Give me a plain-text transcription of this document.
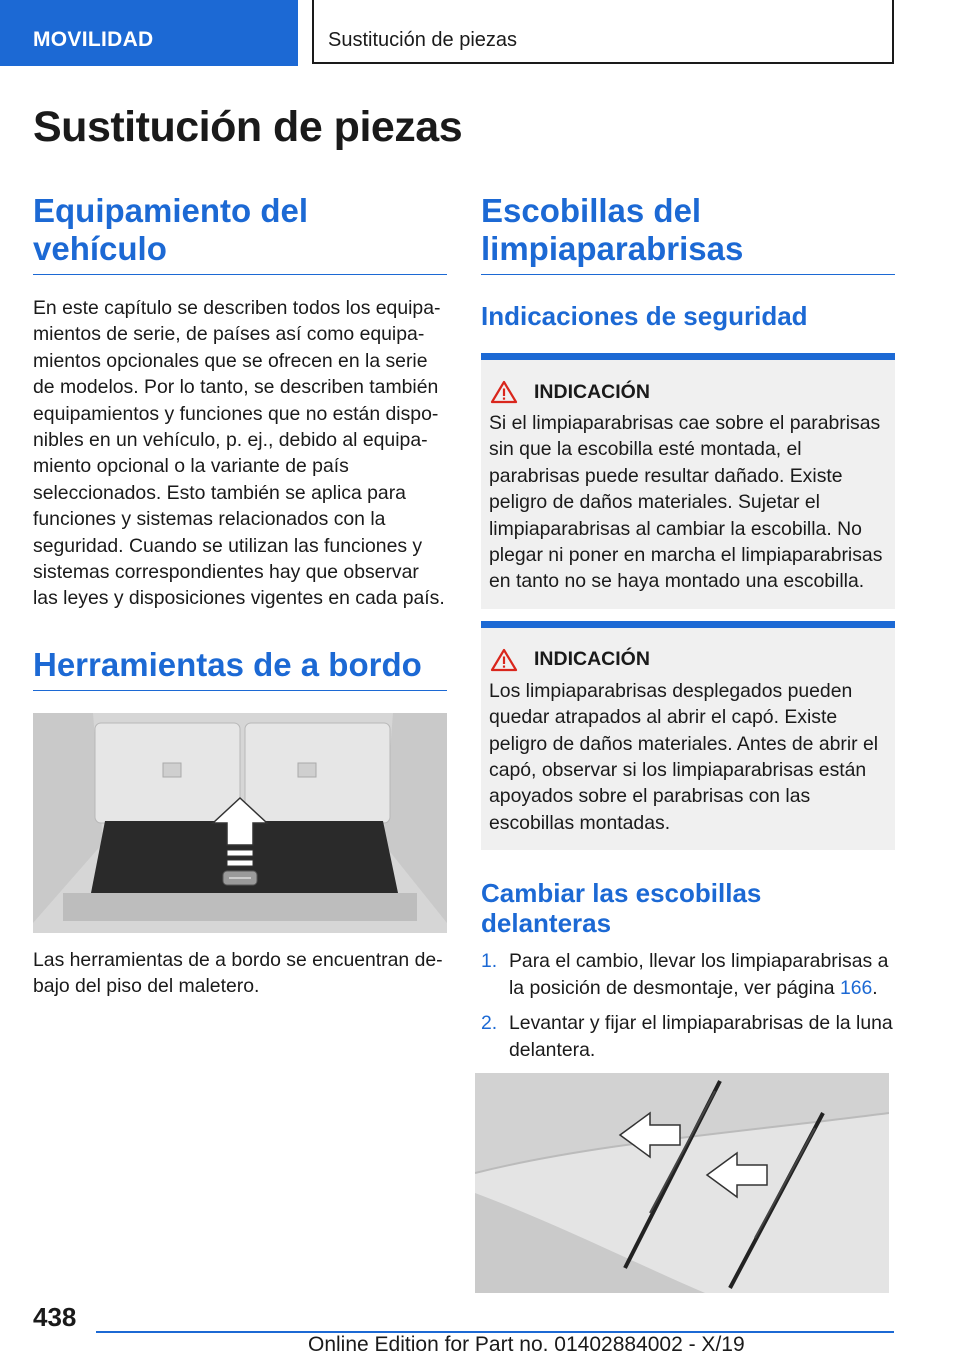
MOVILIDAD	Sustitución de piezas
Sustitución de piezas
Equipamiento del vehículo

En este capítulo se describen todos los equipamientos de serie, de países así como equipamientos opcionales que se ofrecen en la serie de modelos. Por lo tanto, se describen también equipamientos y funciones que no están disponibles en un vehículo, p. ej., debido al equipamiento opcional o la variante de país seleccionados. Esto también se aplica para funciones y sistemas relacionados con la seguridad. Cuando se utilizan las funciones y sistemas correspondientes hay que observar las leyes y disposiciones vigentes en cada país.

Herramientas de a bordo

Las herramientas de a bordo se encuentran debajo del piso del maletero.

Escobillas del limpiaparabrisas
Indicaciones de seguridad
INDICACIÓN

Si el limpiaparabrisas cae sobre el parabrisas sin que la escobilla esté montada, el parabrisas puede resultar dañado. Existe peligro de daños materiales. Sujetar el limpiaparabrisas al cambiar la escobilla. No plegar ni poner en marcha el limpiaparabrisas en tanto no se haya montado una escobilla.

INDICACIÓN

Los limpiaparabrisas desplegados pueden quedar atrapados al abrir el capó. Existe peligro de daños materiales. Antes de abrir el capó, observar si los limpiaparabrisas están apoyados sobre el parabrisas con las escobillas montadas.

Cambiar las escobillas delanteras
1. Para el cambio, llevar los limpiaparabrisas a la posición de desmontaje, ver página 166.
2. Levantar y fijar el limpiaparabrisas de la luna delantera.
438
Online Edition for Part no. 01402884002 - X/19
